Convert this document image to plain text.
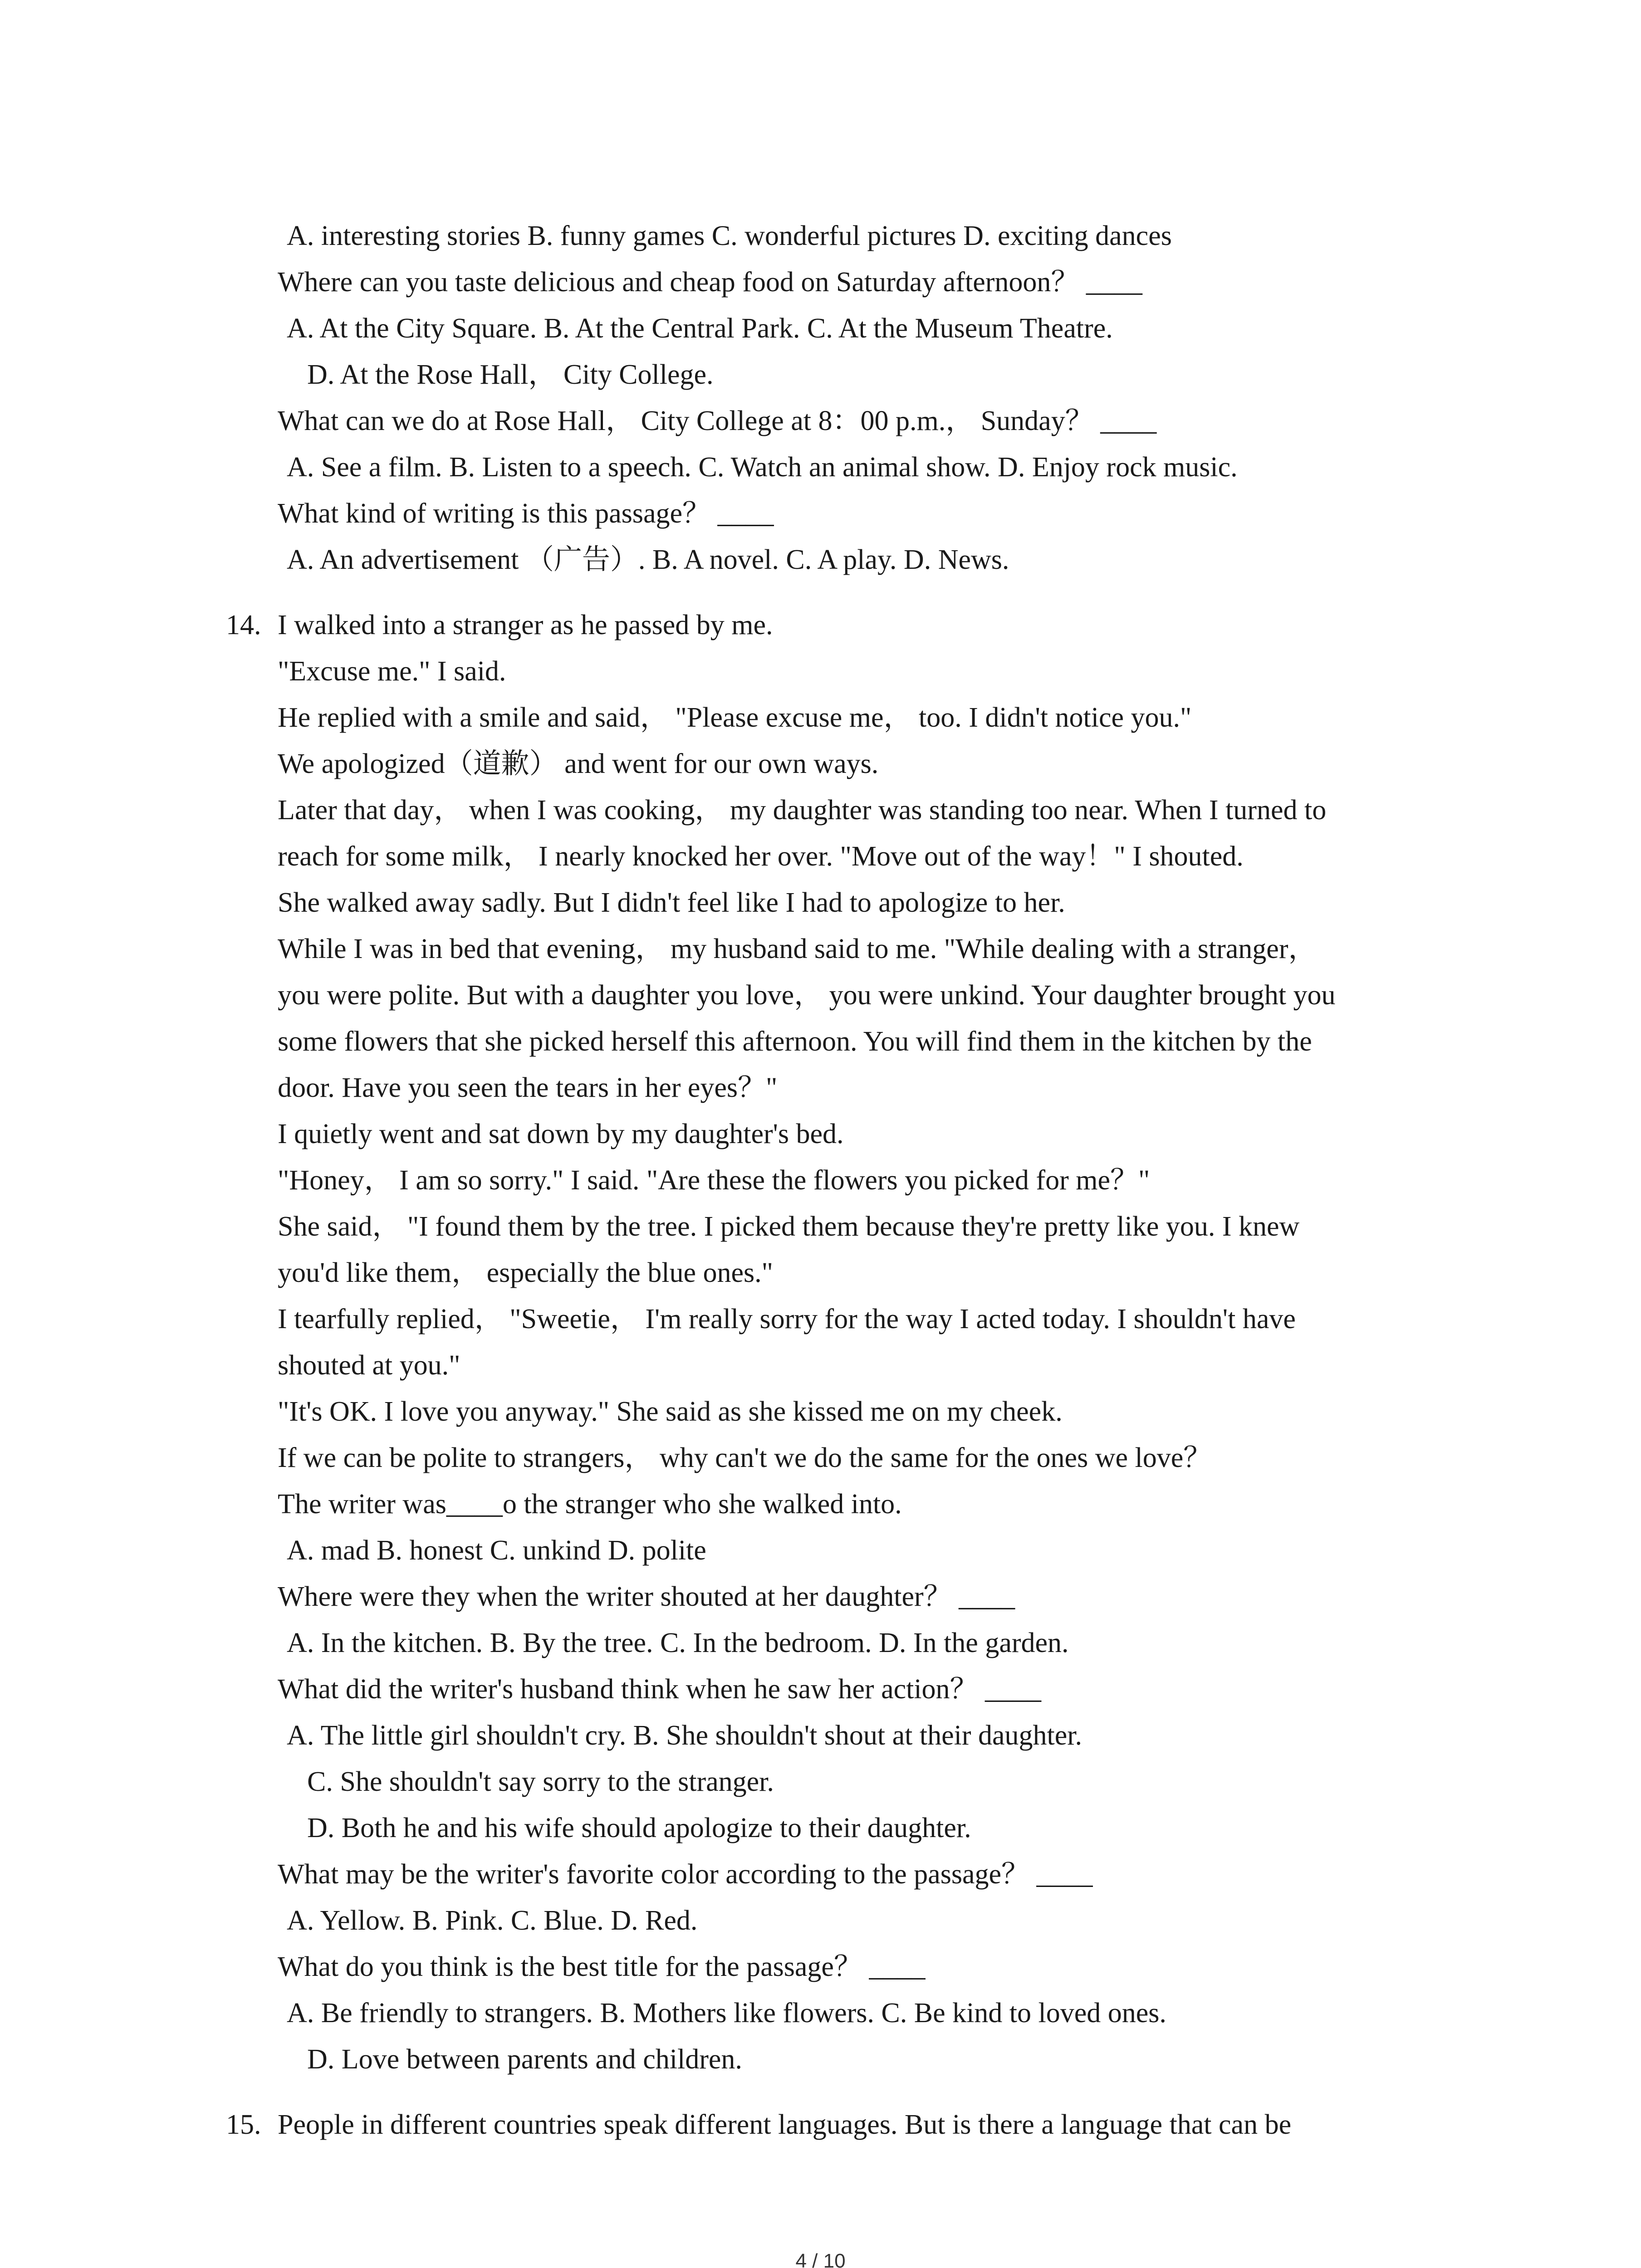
A. interesting stories B. funny games C. wonderful pictures D. exciting dances
Where can you taste delicious and cheap food on Saturday afternoon？ ____
A. At the City Square. B. At the Central Park. C. At the Museum Theatre.
D. At the Rose Hall， City College.
What can we do at Rose Hall， City College at 8：00 p.m.， Sunday？ ____
A. See a film. B. Listen to a speech. C. Watch an animal show. D. Enjoy rock music.
What kind of writing is this passage？ ____
A. An advertisement （广告）. B. A novel. C. A play. D. News.
14. I walked into a stranger as he passed by me.
"Excuse me." I said.
He replied with a smile and said， "Please excuse me， too. I didn't notice you."
We apologized（道歉） and went for our own ways.
Later that day， when I was cooking， my daughter was standing too near. When I turned to
reach for some milk， I nearly knocked her over. "Move out of the way！" I shouted.
She walked away sadly. But I didn't feel like I had to apologize to her.
While I was in bed that evening， my husband said to me. "While dealing with a stranger，
you were polite. But with a daughter you love， you were unkind. Your daughter brought you
some flowers that she picked herself this afternoon. You will find them in the kitchen by the
door. Have you seen the tears in her eyes？"
I quietly went and sat down by my daughter's bed.
"Honey， I am so sorry." I said. "Are these the flowers you picked for me？"
She said， "I found them by the tree. I picked them because they're pretty like you. I knew
you'd like them， especially the blue ones."
I tearfully replied， "Sweetie， I'm really sorry for the way I acted today. I shouldn't have
shouted at you."
"It's OK. I love you anyway." She said as she kissed me on my cheek.
If we can be polite to strangers， why can't we do the same for the ones we love？
The writer was____o the stranger who she walked into.
A. mad B. honest C. unkind D. polite
Where were they when the writer shouted at her daughter？ ____
A. In the kitchen. B. By the tree. C. In the bedroom. D. In the garden.
What did the writer's husband think when he saw her action？ ____
A. The little girl shouldn't cry. B. She shouldn't shout at their daughter.
C. She shouldn't say sorry to the stranger.
D. Both he and his wife should apologize to their daughter.
What may be the writer's favorite color according to the passage？ ____
A. Yellow. B. Pink. C. Blue. D. Red.
What do you think is the best title for the passage？ ____
A. Be friendly to strangers. B. Mothers like flowers. C. Be kind to loved ones.
D. Love between parents and children.
15. People in different countries speak different languages. But is there a language that can be
4 / 10
